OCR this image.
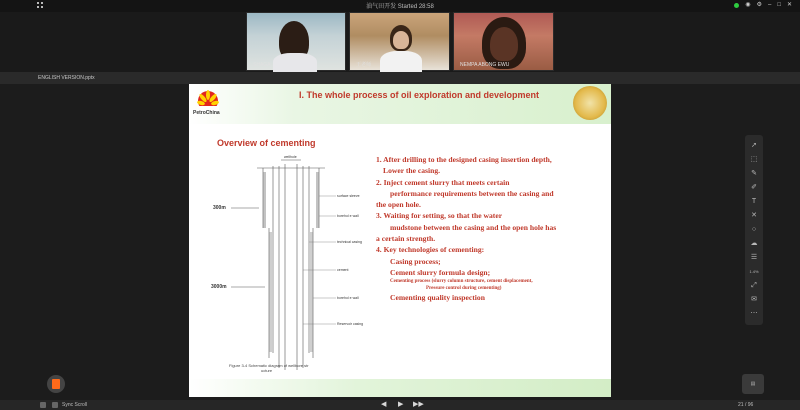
油气田开发 Started 28:58	◉ ⚙ – □ ✕
SHAGA	王老师	NEMPA ABONG EWU
ENGLISH VERSION.pptx
PetroChina
I. The whole process of oil exploration and development
Overview of cementing
wellhole
surface sleeve
300m
borehol e wall
technical casing
cement
3000m
borehol e wall
Reservoir casing
Figure 3-4 Schematic diagram of wellbore str
ucture
1. After drilling to the designed casing insertion depth,
Lower the casing.
2. Inject cement slurry that meets certain
performance requirements between the casing and
the open hole.
3. Waiting for setting, so that the water
mudstone between the casing and the open hole has
a certain strength.
4. Key technologies of cementing:
Casing process;
Cement slurry formula design;
Cementing process (slurry column structure, cement displacement,
Pressure control during cementing)
Cementing quality inspection
➚
⬚
✎
✐
T
✕
○
☁
☰
1.4%
⤢
✉
⋯
▤
Sync Scroll	◀ ▶ ▶▶	21 / 96
